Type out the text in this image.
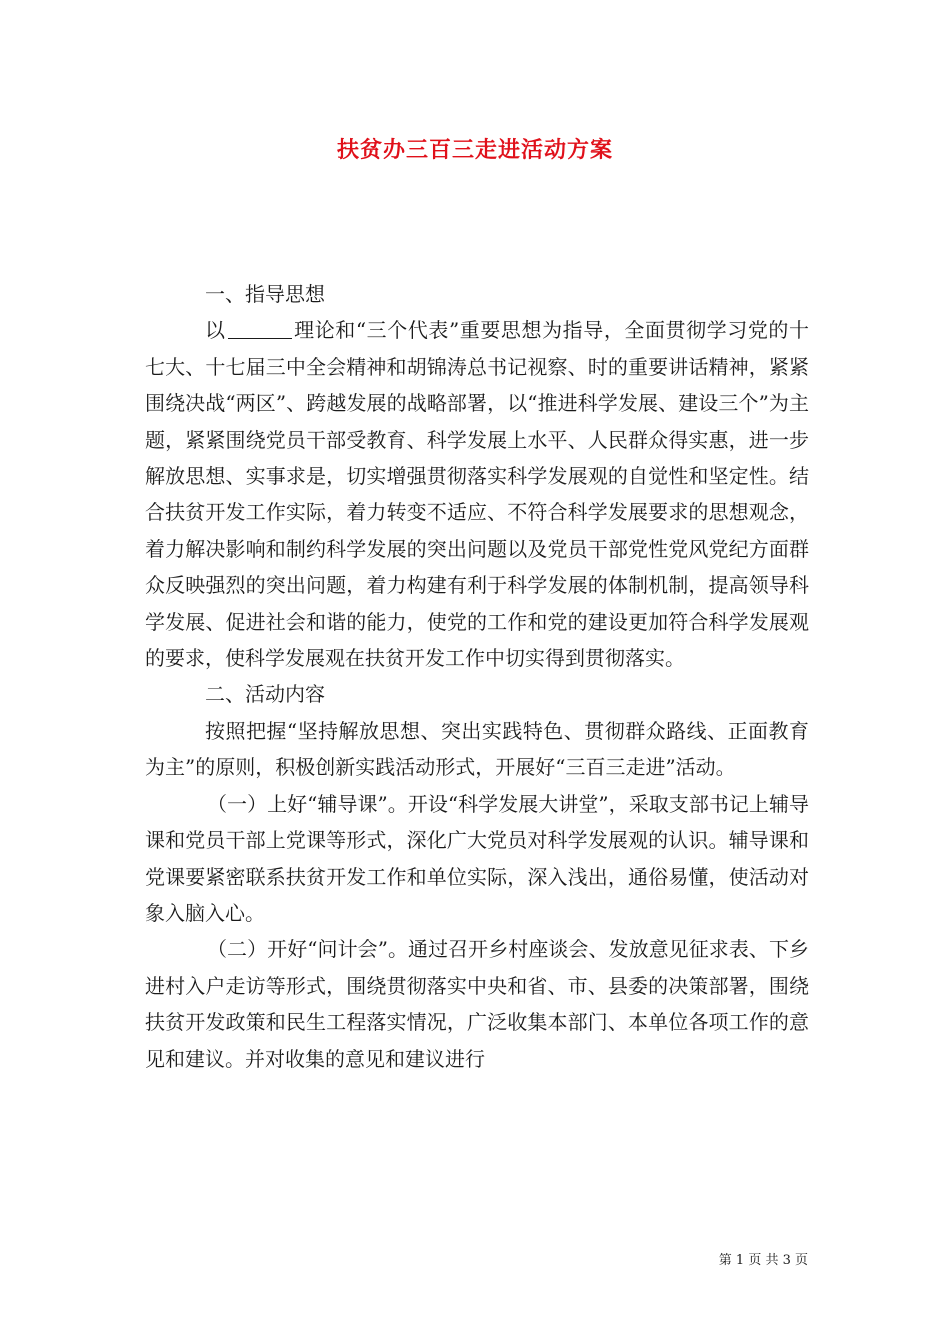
扶贫办三百三走进活动方案

一、指导思想

以	理论和“三个代表”重要思想为指导，全面贯彻学习党的十七大、十七届三中全会精神和胡锦涛总书记视察、时的重要讲话精神，紧紧围绕决战“两区”、跨越发展的战略部署，以“推进科学发展、建设三个”为主题，紧紧围绕党员干部受教育、科学发展上水平、人民群众得实惠，进一步解放思想、实事求是，切实增强贯彻落实科学发展观的自觉性和坚定性。结合扶贫开发工作实际，着力转变不适应、不符合科学发展要求的思想观念，着力解决影响和制约科学发展的突出问题以及党员干部党性党风党纪方面群众反映强烈的突出问题，着力构建有利于科学发展的体制机制，提高领导科学发展、促进社会和谐的能力，使党的工作和党的建设更加符合科学发展观的要求，使科学发展观在扶贫开发工作中切实得到贯彻落实。

二、活动内容

按照把握“坚持解放思想、突出实践特色、贯彻群众路线、正面教育为主”的原则，积极创新实践活动形式，开展好“三百三走进”活动。

（一）上好“辅导课”。开设“科学发展大讲堂”，采取支部书记上辅导课和党员干部上党课等形式，深化广大党员对科学发展观的认识。辅导课和党课要紧密联系扶贫开发工作和单位实际，深入浅出，通俗易懂，使活动对象入脑入心。

（二）开好“问计会”。通过召开乡村座谈会、发放意见征求表、下乡进村入户走访等形式，围绕贯彻落实中央和省、市、县委的决策部署，围绕扶贫开发政策和民生工程落实情况，广泛收集本部门、本单位各项工作的意见和建议。并对收集的意见和建议进行

第 1 页 共 3 页
